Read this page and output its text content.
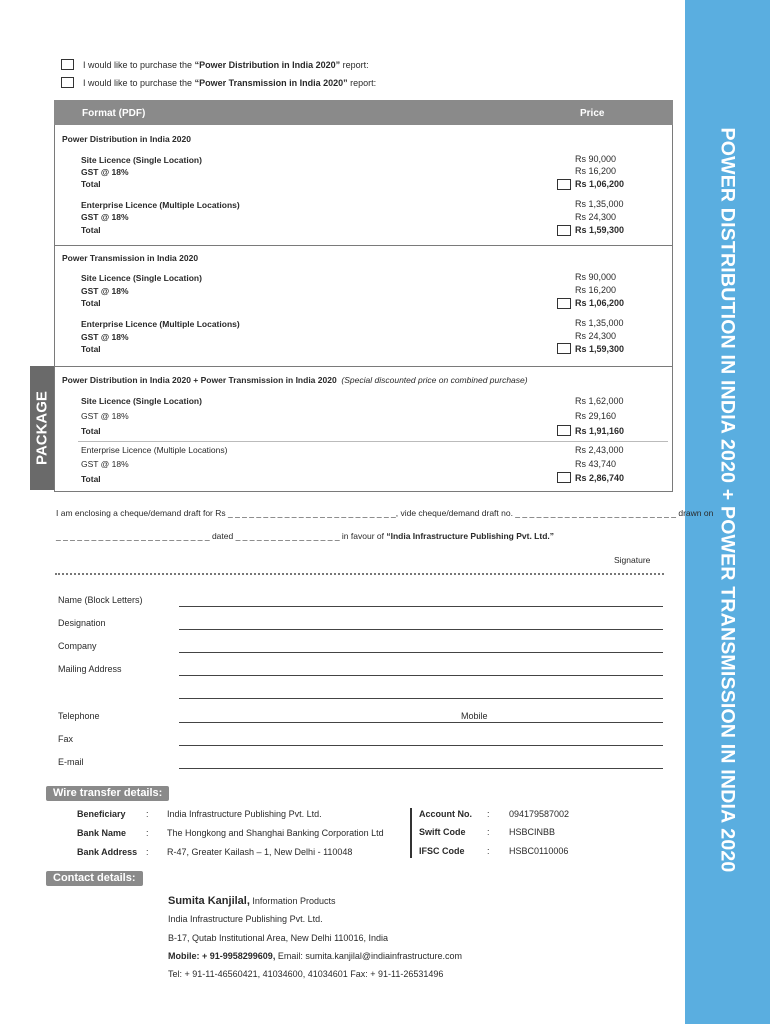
POWER DISTRIBUTION IN INDIA 2020 + POWER TRANSMISSION IN INDIA 2020
I would like to purchase the “Power Distribution in India 2020” report:
I would like to purchase the “Power Transmission in India 2020” report:
Format (PDF)	Price
PACKAGE
Power Distribution in India 2020
Site Licence (Single Location)
GST @ 18%
Total
Rs 90,000
Rs 16,200
Rs 1,06,200
Enterprise Licence (Multiple Locations)
GST @ 18%
Total
Rs 1,35,000
Rs 24,300
Rs 1,59,300
Power Transmission in India 2020
Site Licence (Single Location)
GST @ 18%
Total
Rs 90,000
Rs 16,200
Rs 1,06,200
Enterprise Licence (Multiple Locations)
GST @ 18%
Total
Rs 1,35,000
Rs 24,300
Rs 1,59,300
Power Distribution in India 2020 + Power Transmission in India 2020 (Special discounted price on combined purchase)
Site Licence (Single Location)
GST @ 18%
Total
Rs 1,62,000
Rs 29,160
Rs 1,91,160
Enterprise Licence (Multiple Locations)
GST @ 18%
Total
Rs 2,43,000
Rs 43,740
Rs 2,86,740
I am enclosing a cheque/demand draft for Rs _ _ _ _ _ _ _ _ _ _ _ _ _ _ _ _ _ _ _ _ _ _ _ _, vide cheque/demand draft no. _ _ _ _ _ _ _ _ _ _ _ _ _ _ _ _ _ _ _ _ _ _ _ drawn on
_ _ _ _ _ _ _ _ _ _ _ _ _ _ _ _ _ _ _ _ _ _ dated _ _ _ _ _ _ _ _ _ _ _ _ _ _ _ in favour of “India Infrastructure Publishing Pvt. Ltd.”
Signature
Name (Block Letters)
Designation
Company
Mailing Address
Telephone	Mobile
Fax
E-mail
Wire transfer details:
Beneficiary : India Infrastructure Publishing Pvt. Ltd.
Bank Name : The Hongkong and Shanghai Banking Corporation Ltd
Bank Address : R-47, Greater Kailash – 1, New Delhi - 110048
Account No. : 094179587002
Swift Code : HSBCINBB
IFSC Code : HSBC0110006
Contact details:
Sumita Kanjilal, Information Products
India Infrastructure Publishing Pvt. Ltd.
B-17, Qutab Institutional Area, New Delhi 110016, India
Mobile: + 91-9958299609, Email: sumita.kanjilal@indiainfrastructure.com
Tel: + 91-11-46560421, 41034600, 41034601 Fax: + 91-11-26531496
